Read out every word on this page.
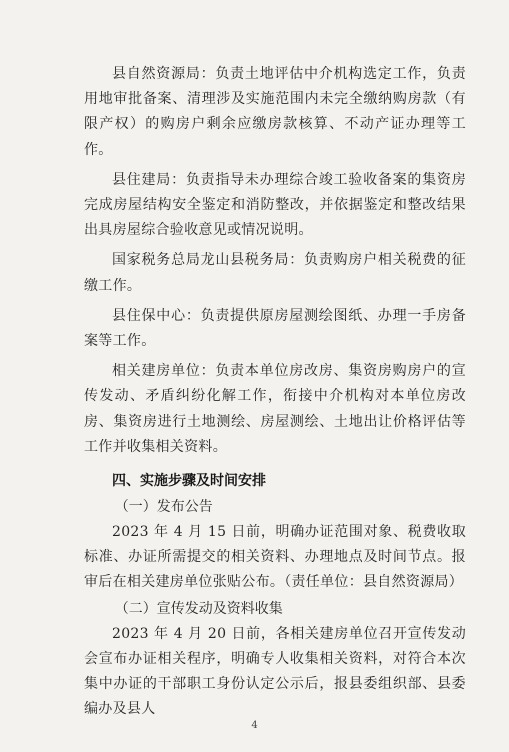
县自然资源局：负责土地评估中介机构选定工作，负责用地审批备案、清理涉及实施范围内未完全缴纳购房款（有限产权）的购房户剩余应缴房款核算、不动产证办理等工作。

县住建局：负责指导未办理综合竣工验收备案的集资房完成房屋结构安全鉴定和消防整改，并依据鉴定和整改结果出具房屋综合验收意见或情况说明。

国家税务总局龙山县税务局：负责购房户相关税费的征缴工作。

县住保中心：负责提供原房屋测绘图纸、办理一手房备案等工作。

相关建房单位：负责本单位房改房、集资房购房户的宣传发动、矛盾纠纷化解工作，衔接中介机构对本单位房改房、集资房进行土地测绘、房屋测绘、土地出让价格评估等工作并收集相关资料。

四、实施步骤及时间安排

（一）发布公告

2023 年 4 月 15 日前，明确办证范围对象、税费收取标准、办证所需提交的相关资料、办理地点及时间节点。报审后在相关建房单位张贴公布。（责任单位：县自然资源局）

（二）宣传发动及资料收集

2023 年 4 月 20 日前，各相关建房单位召开宣传发动会宣布办证相关程序，明确专人收集相关资料，对符合本次集中办证的干部职工身份认定公示后，报县委组织部、县委编办及县人

4
